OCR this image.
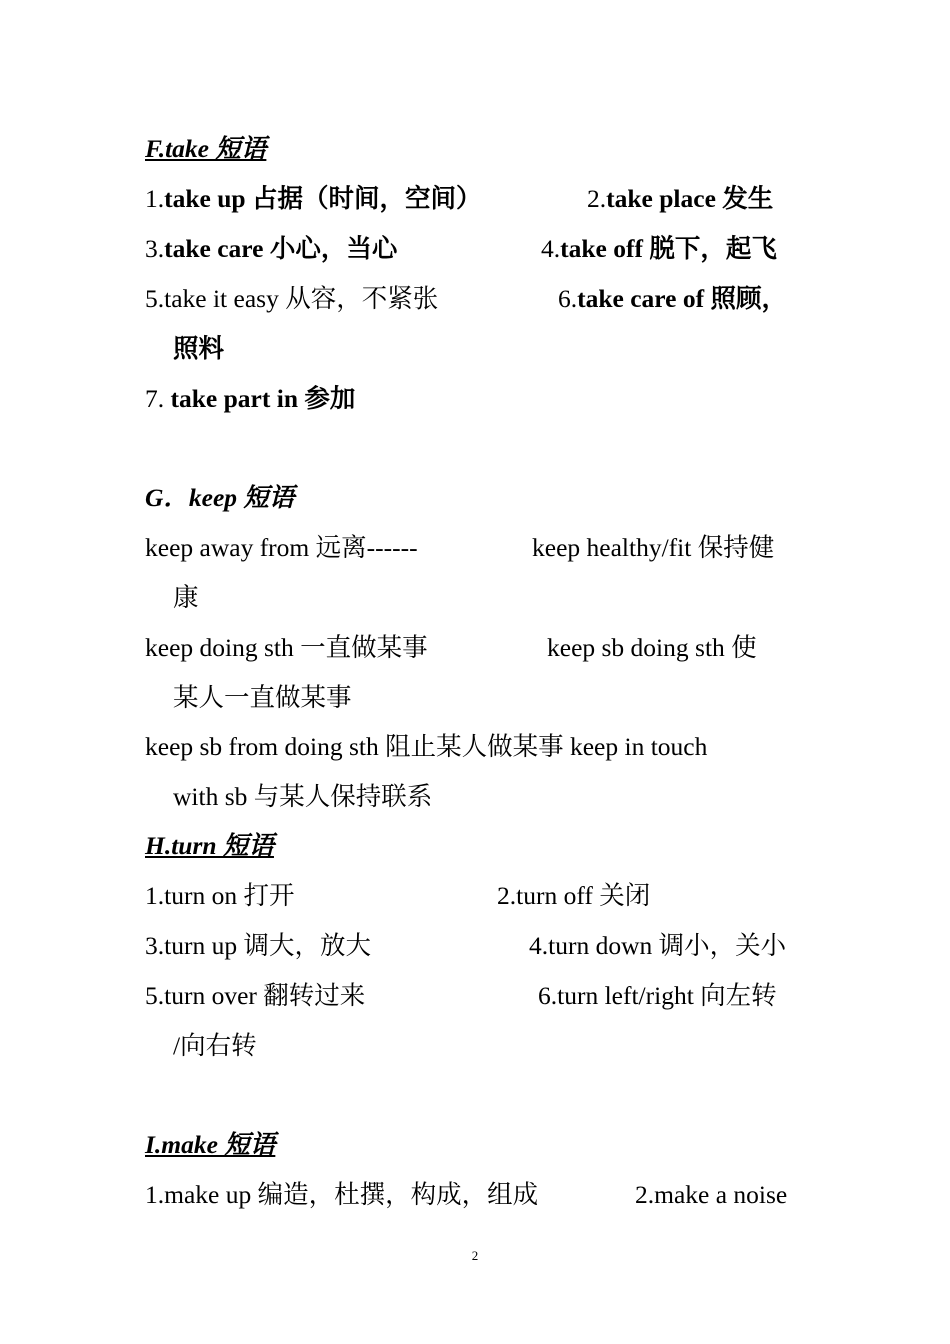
F.take 短语
1.take up 占据（时间，空间）	2.take place 发生
3.take care 小心，当心	4.take off 脱下，起飞
5.take it easy 从容，不紧张	6.take care of 照顾，
照料
7. take part in 参加
G．keep 短语
keep away from 远离------	keep healthy/fit 保持健
康
keep doing sth 一直做某事	keep sb doing sth 使
某人一直做某事
keep sb from doing sth 阻止某人做某事 keep in touch
with sb 与某人保持联系
H.turn 短语
1.turn on 打开	2.turn off 关闭
3.turn up 调大，放大	4.turn down 调小，关小
5.turn over 翻转过来	6.turn left/right 向左转
/向右转
I.make 短语
1.make up 编造，杜撰，构成，组成	2.make a noise
2
